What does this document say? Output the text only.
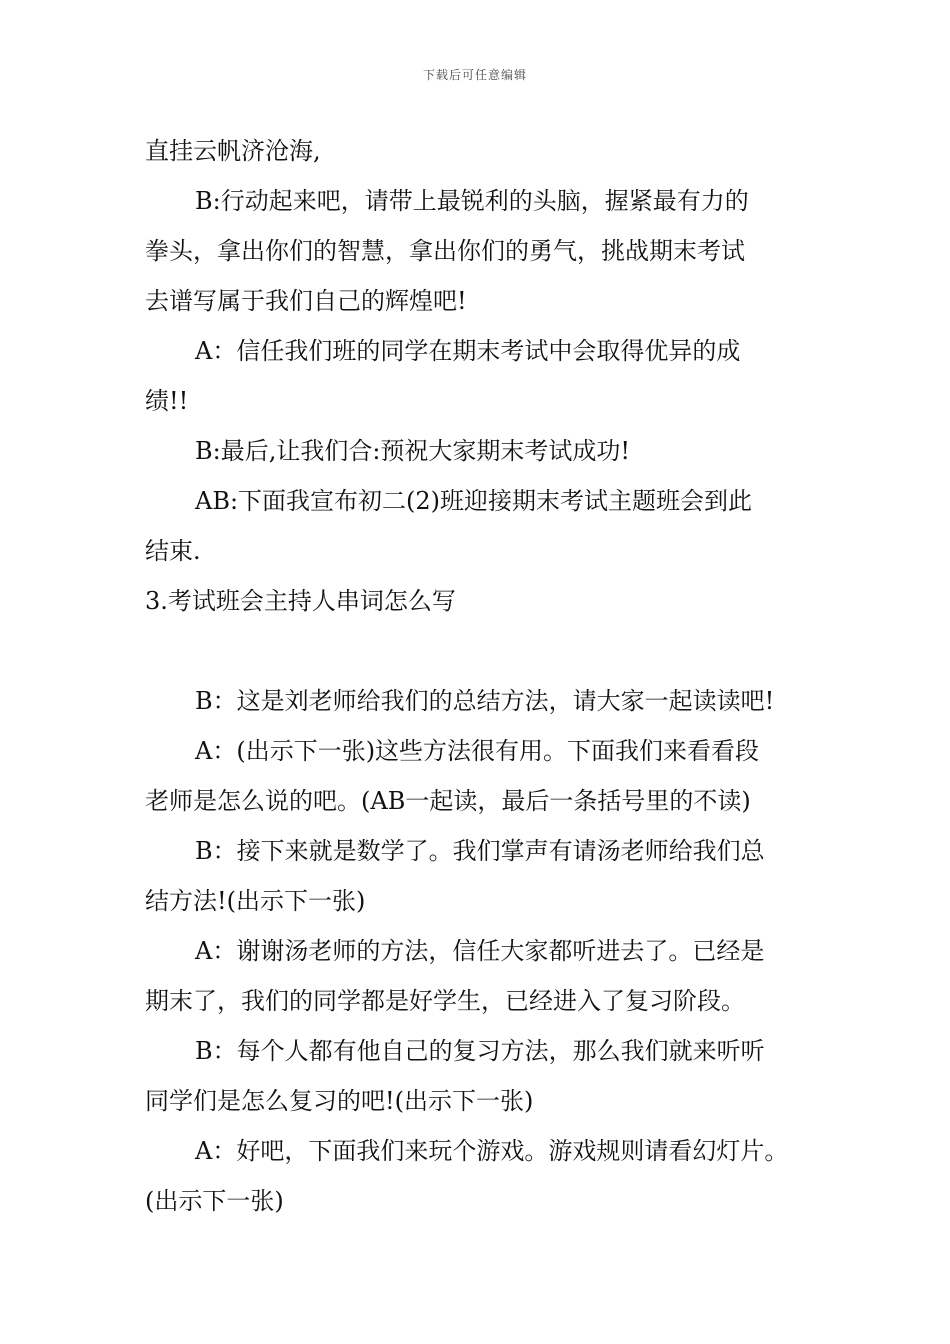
下载后可任意编辑
直挂云帆济沧海,
B:行动起来吧，请带上最锐利的头脑，握紧最有力的
拳头，拿出你们的智慧，拿出你们的勇气，挑战期末考试
去谱写属于我们自己的辉煌吧!
A：信任我们班的同学在期末考试中会取得优异的成
绩!!
B:最后,让我们合:预祝大家期末考试成功!
AB:下面我宣布初二(2)班迎接期末考试主题班会到此
结束.
3.考试班会主持人串词怎么写
B：这是刘老师给我们的总结方法，请大家一起读读吧!
A：(出示下一张)这些方法很有用。下面我们来看看段
老师是怎么说的吧。(AB一起读，最后一条括号里的不读)
B：接下来就是数学了。我们掌声有请汤老师给我们总
结方法!(出示下一张)
A：谢谢汤老师的方法，信任大家都听进去了。已经是
期末了，我们的同学都是好学生，已经进入了复习阶段。
B：每个人都有他自己的复习方法，那么我们就来听听
同学们是怎么复习的吧!(出示下一张)
A：好吧，下面我们来玩个游戏。游戏规则请看幻灯片。
(出示下一张)
